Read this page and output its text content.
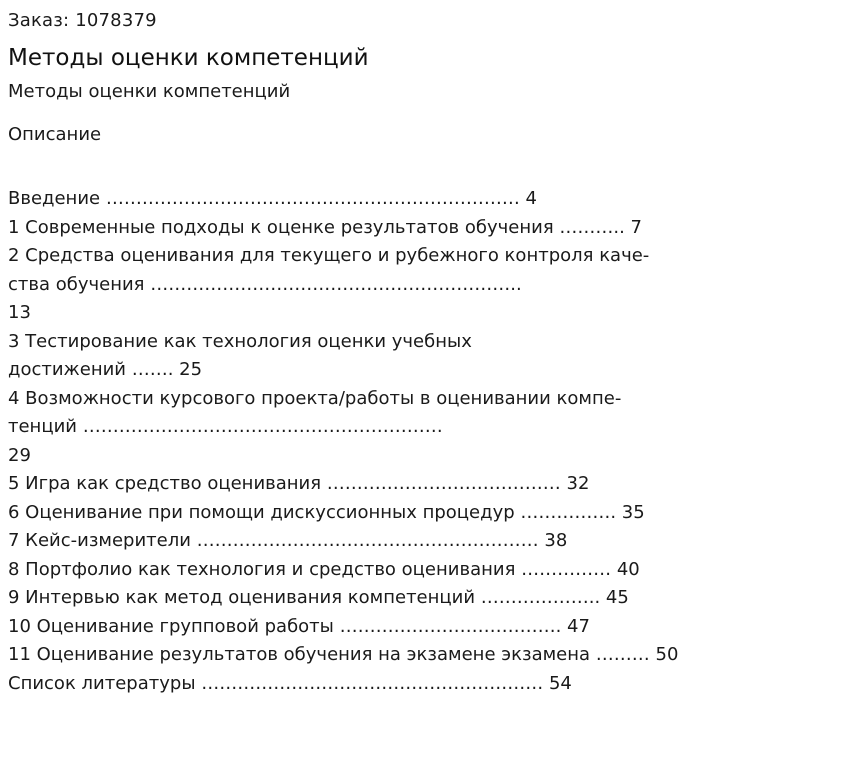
Заказ: 1078379

Методы оценки компетенций
Методы оценки компетенций
Описание
Введение …………………………………………………………… 4
1 Современные подходы к оценке результатов обучения ……….. 7
2 Средства оценивания для текущего и рубежного контроля каче-
ства обучения ……………………………………………………..
13
3 Тестирование как технология оценки учебных
достижений ……. 25
4 Возможности курсового проекта/работы в оценивании компе-
тенций ……………………………………………………
29
5 Игра как средство оценивания ………………………………… 32
6 Оценивание при помощи дискуссионных процедур ……………. 35
7 Кейс-измерители ………………………………………………… 38
8 Портфолио как технология и средство оценивания …………… 40
9 Интервью как метод оценивания компетенций ……………….. 45
10 Оценивание групповой работы ………………………………. 47
11 Оценивание результатов обучения на экзамене экзамена ……… 50
Список литературы ………………………………………………… 54
